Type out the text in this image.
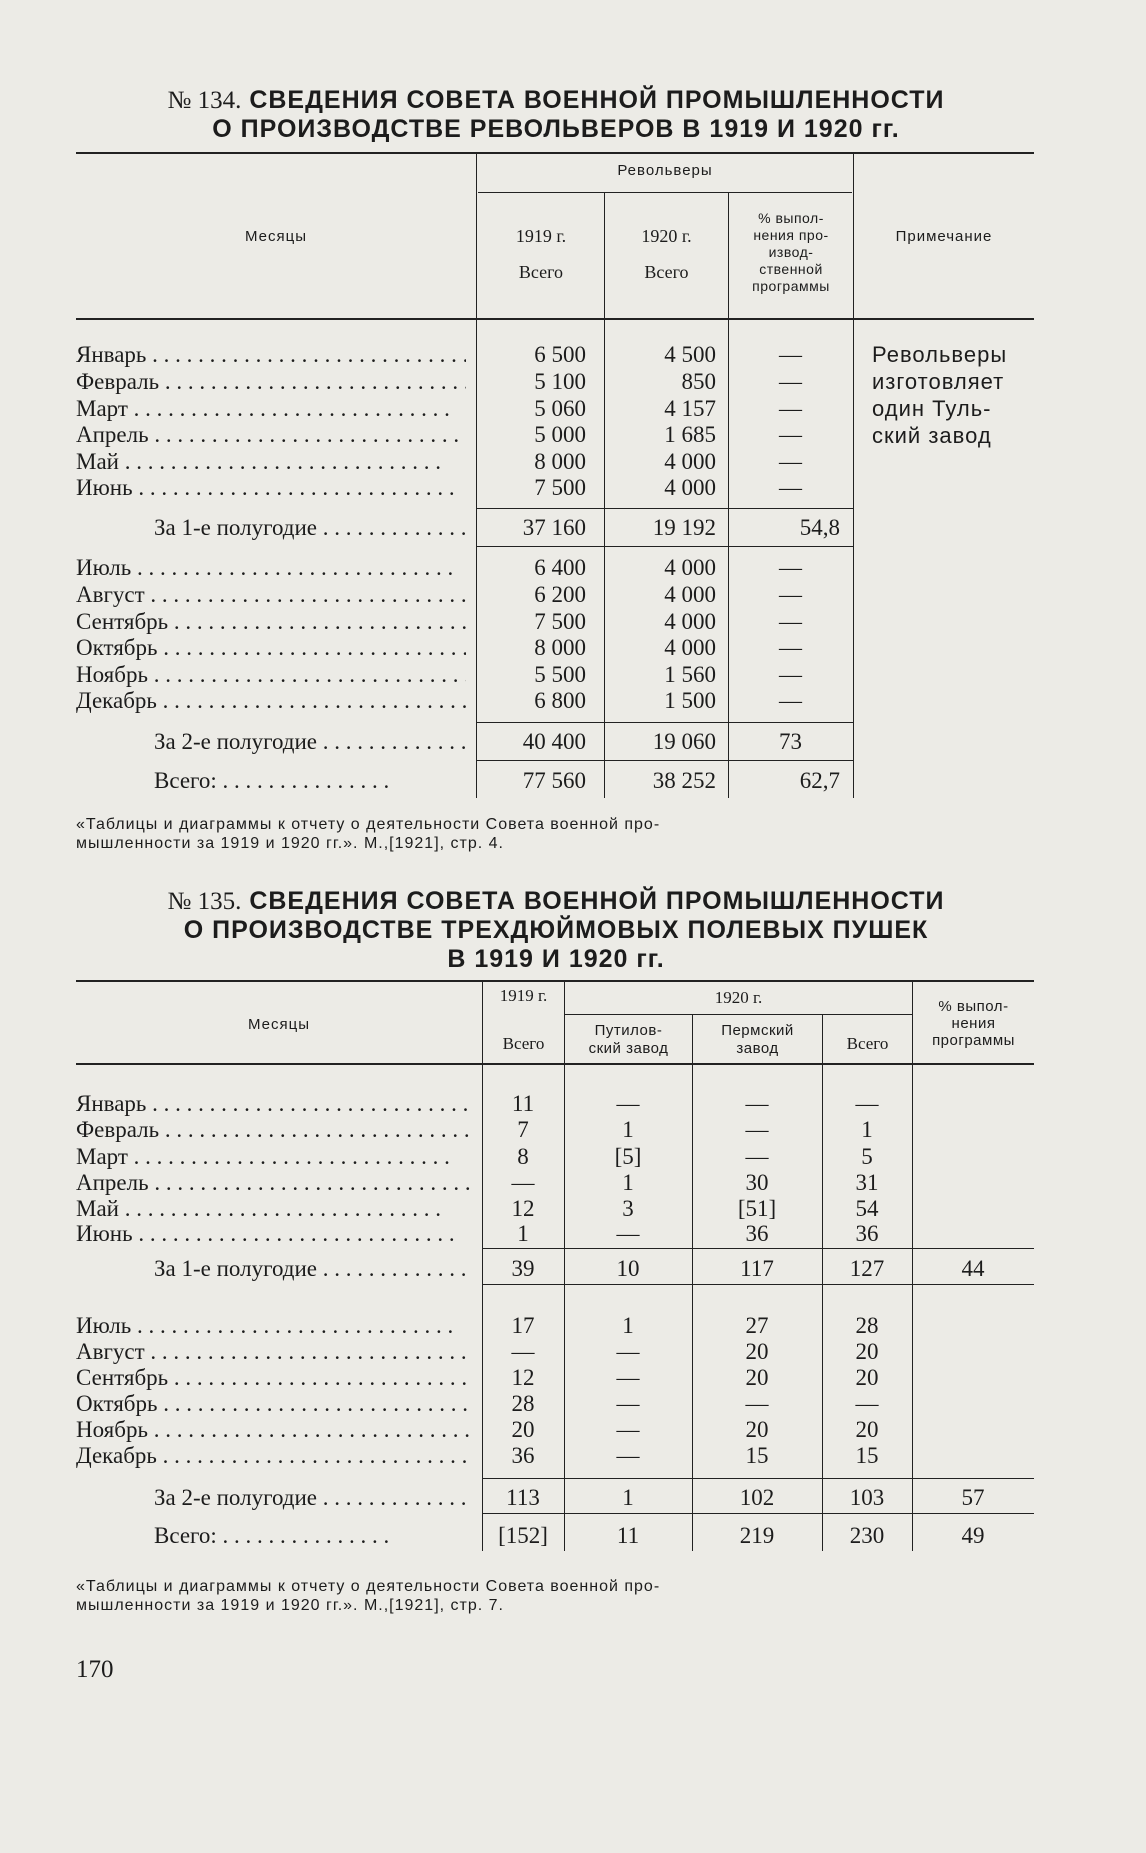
№ 134. СВЕДЕНИЯ СОВЕТА ВОЕННОЙ ПРОМЫШЛЕННОСТИ
О ПРОИЗВОДСТВЕ РЕВОЛЬВЕРОВ В 1919 И 1920 гг.
Месяцы
Револьверы
1919 г.
Всего
1920 г.
Всего
% выпол-
нения про-
извод-
ственной
программы
Примечание
Январь . . .	6 500	4 500	—
Февраль . . .	5 100	850	—
Март . . .	5 060	4 157	—
Апрель . . .	5 000	1 685	—
Май . . .	8 000	4 000	—
Июнь . . .	7 500	4 000	—
За 1-е полугодие . . .	37 160	19 192	54,8
Июль . . .	6 400	4 000	—
Август . . .	6 200	4 000	—
Сентябрь . . .	7 500	4 000	—
Октябрь . . .	8 000	4 000	—
Ноябрь . . .	5 500	1 560	—
Декабрь . . .	6 800	1 500	—
За 2-е полугодие . . .	40 400	19 060	73
Всего: . . .	77 560	38 252	62,7
Револьверы
изготовляет
один Туль-
ский завод
«Таблицы и диаграммы к отчету о деятельности Совета военной про-
мышленности за 1919 и 1920 гг.». М.,[1921], стр. 4.
№ 135. СВЕДЕНИЯ СОВЕТА ВОЕННОЙ ПРОМЫШЛЕННОСТИ
О ПРОИЗВОДСТВЕ ТРЕХДЮЙМОВЫХ ПОЛЕВЫХ ПУШЕК
В 1919 И 1920 гг.
Месяцы
1919 г.
Всего
1920 г.
Путилов-
ский завод
Пермский
завод	Всего
% выпол-
нения
программы
Январь . . .	11	—	—	—
Февраль . . .	7	1	—	1
Март . . .	8	[5]	—	5
Апрель . . .	—	1	30	31
Май . . .	12	3	[51]	54
Июнь . . .	1	—	36	36
За 1-е полугодие . . .	39	10	117	127	44
Июль . . .	17	1	27	28
Август . . .	—	—	20	20
Сентябрь . . .	12	—	20	20
Октябрь . . .	28	—	—	—
Ноябрь . . .	20	—	20	20
Декабрь . . .	36	—	15	15
За 2-е полугодие . . .	113	1	102	103	57
Всего: . . .	[152]	11	219	230	49
«Таблицы и диаграммы к отчету о деятельности Совета военной про-
мышленности за 1919 и 1920 гг.». М.,[1921], стр. 7.
170
